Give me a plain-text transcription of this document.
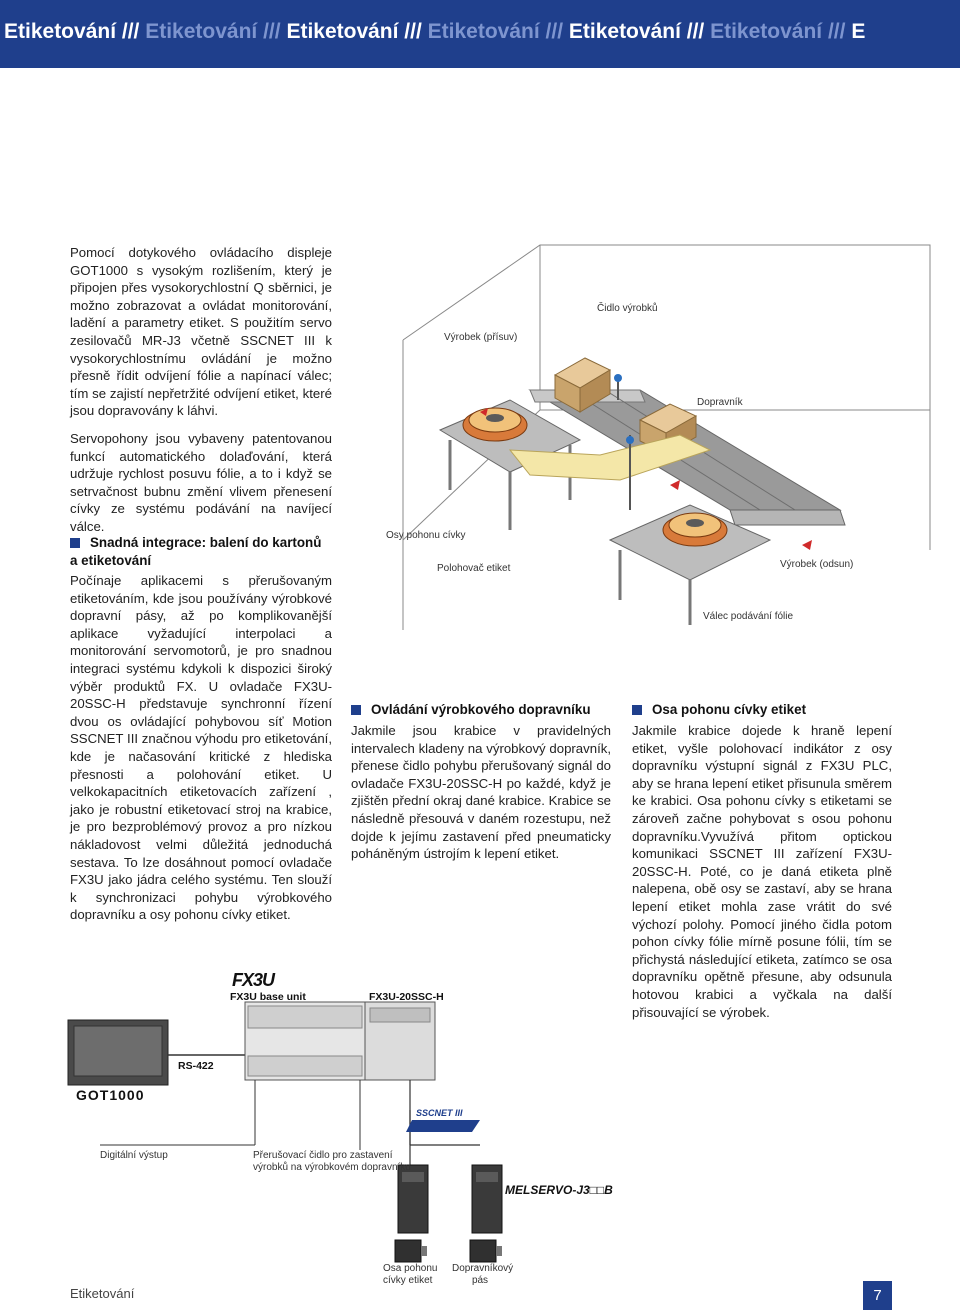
Etiketování /// Etiketování /// Etiketování /// Etiketování /// Etiketování /// Etiketování /// E

Pomocí dotykového ovládacího displeje GOT1000 s vysokým rozlišením, který je připojen přes vysokorychlostní Q sběrnici, je možno zobrazovat a ovládat monitorování, ladění a parametry etiket. S použitím servo zesilovačů MR-J3 včetně SSCNET III k vysokorychlostnímu ovládání je možno přesně řídit odvíjení fólie a napínací válec; tím se zajistí nepřetržité odvíjení etiket, které jsou dopravovány k láhvi.

Servopohony jsou vybaveny patentovanou funkcí automatického dolaďování, která udržuje rychlost posuvu fólie, a to i když se setrvačnost bubnu změní vlivem přenesení cívky ze systému podávání na navíjecí válce.

Snadná integrace: balení do kartonů
a etiketování

Počínaje aplikacemi s přerušovaným etiketováním, kde jsou používány výrobkové dopravní pásy, až po komplikovanější aplikace vyžadující interpolaci a monitorování servomotorů, je pro snadnou integraci systému kdykoli k dispozici široký výběr produktů FX. U ovladače FX3U-20SSC-H představuje synchronní řízení dvou os ovládající pohybovou síť Motion SSCNET III značnou výhodu pro etiketování, kde je načasování kritické z hlediska přesnosti a polohování etiket. U velkokapacitních etiketovacích zařízení , jako je robustní etiketovací stroj na krabice, je pro bezproblémový provoz a pro nízkou nákladovost velmi důležitá jednoduchá sestava. To lze dosáhnout pomocí ovladače FX3U jako jádra celého systému. Ten slouží k synchronizaci pohybu výrobkového dopravníku a osy pohonu cívky etiket.

Ovládání výrobkového dopravníku

Jakmile jsou krabice v pravidelných intervalech kladeny na výrobkový dopravník, přenese čidlo pohybu přerušovaný signál do ovladače FX3U-20SSC-H po každé, když je zjištěn přední okraj dané krabice. Krabice se následně přesouvá v daném rozestupu, než dojde k jejímu zastavení před pneumaticky poháněným ústrojím k lepení etiket.

Osa pohonu cívky etiket

Jakmile krabice dojede k hraně lepení etiket, vyšle polohovací indikátor z osy dopravníku výstupní signál z FX3U PLC, aby se hrana lepení etiket přisunula směrem ke krabici. Osa pohonu cívky s etiketami se zároveň začne pohybovat s osou pohonu dopravníku.Vyvužívá přitom optickou komunikaci SSCNET III zařízení FX3U-20SSC-H. Poté, co je daná etiketa plně nalepena, obě osy se zastaví, aby se hrana lepení etiket mohla zase vrátit do své výchozí polohy. Pomocí jiného čidla potom pohon cívky fólie mírně posune fólii, tím se přichystá následující etiketa, zatímco se osa dopravníku opětně přesune, aby odsunula hotovou krabici a vyčkala na další přisouvající se výrobek.

Výrobek (přísuv)
Čidlo výrobků
Dopravník
Osy pohonu cívky
Polohovač etiket	Výrobek (odsun)
Válec podávání fólie
FX3U
FX3U base unit	FX3U-20SSC-H
RS-422
GOT1000
SSCNET III
Digitální výstup	Přerušovací čidlo pro zastavení
výrobků na výrobkovém dopravníku
MELSERVO-J3□□B
Osa pohonu
cívky etiket
Dopravníkový
pás
Etiketování	7
